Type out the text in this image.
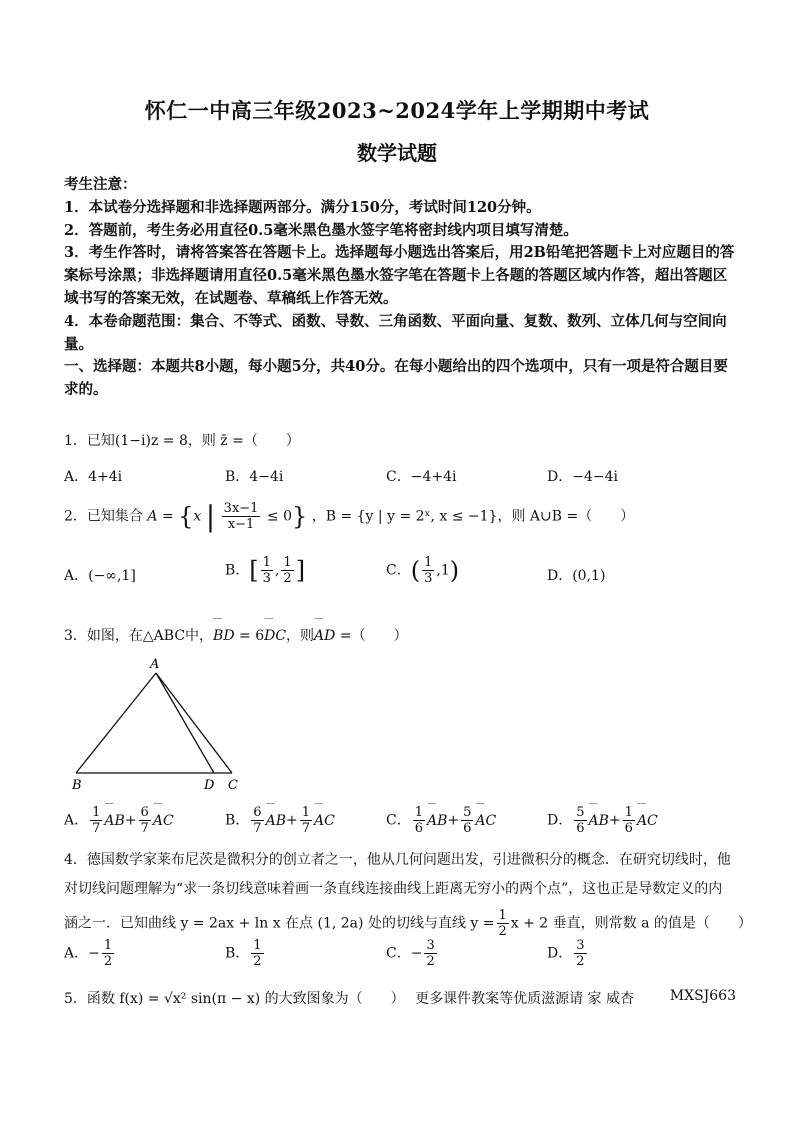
怀仁一中高三年级2023~2024学年上学期期中考试
数学试题

考生注意：

1．本试卷分选择题和非选择题两部分。满分150分，考试时间120分钟。

2．答题前，考生务必用直径0.5毫米黑色墨水签字笔将密封线内项目填写清楚。

3．考生作答时，请将答案答在答题卡上。选择题每小题选出答案后，用2B铅笔把答题卡上对应题目的答案标号涂黑；非选择题请用直径0.5毫米黑色墨水签字笔在答题卡上各题的答题区域内作答，超出答题区域书写的答案无效，在试题卷、草稿纸上作答无效。

4．本卷命题范围：集合、不等式、函数、导数、三角函数、平面向量、复数、数列、立体几何与空间向量。

一、选择题：本题共8小题，每小题5分，共40分。在每小题给出的四个选项中，只有一项是符合题目要求的。

1．已知(1−i)z = 8，则 z̄ =（　　）
A．4+4i	B．4−4i	C．−4+4i	D．−4−4i
2．已知集合 A = {x | $\frac{3x-1}{x-1} \le 0$} ，B = {y | y = 2ˣ, x ≤ −1}，则 A∪B =（　　）
A．(−∞,1]	B．[ $\frac{1}{3}$ , $\frac{1}{2}$ ]	C．( $\frac{1}{3} ,1$)	D．(0,1)
3．如图，在△ABC中，⁻⁻ BD = 6⁻⁻ DC，则⁻⁻ AD =（　　）
A
B	D C
A． $\frac{1}{7}$ ⁻⁻ $AB+ \frac{6}{7}$ ⁻⁻ AC	B． $\frac{6}{7}$ ⁻⁻ $AB+ \frac{1}{7}$ ⁻⁻ AC	C． $\frac{1}{6}$ ⁻⁻ $AB+ \frac{5}{6}$ ⁻⁻ AC	D． $\frac{5}{6}$ ⁻⁻ $AB+ \frac{1}{6}$ ⁻⁻ AC
4．德国数学家莱布尼茨是微积分的创立者之一，他从几何问题出发，引进微积分的概念．在研究切线时，他
对切线问题理解为“求一条切线意味着画一条直线连接曲线上距离无穷小的两个点”，这也正是导数定义的内
涵之一．已知曲线 y = 2ax + ln x 在点 (1, 2a) 处的切线与直线 $y = \frac{1}{2}$ x + 2 垂直，则常数 a 的值是（　　）
A．− $\frac{1}{2}$	B． $\frac{1}{2}$	C．− $\frac{3}{2}$	D． $\frac{3}{2}$
5．函数 f(x) = √x² sin(π − x) 的大致图象为（　　） 更多课件教案等优质滋源请 家 威杏	MXSJ663
